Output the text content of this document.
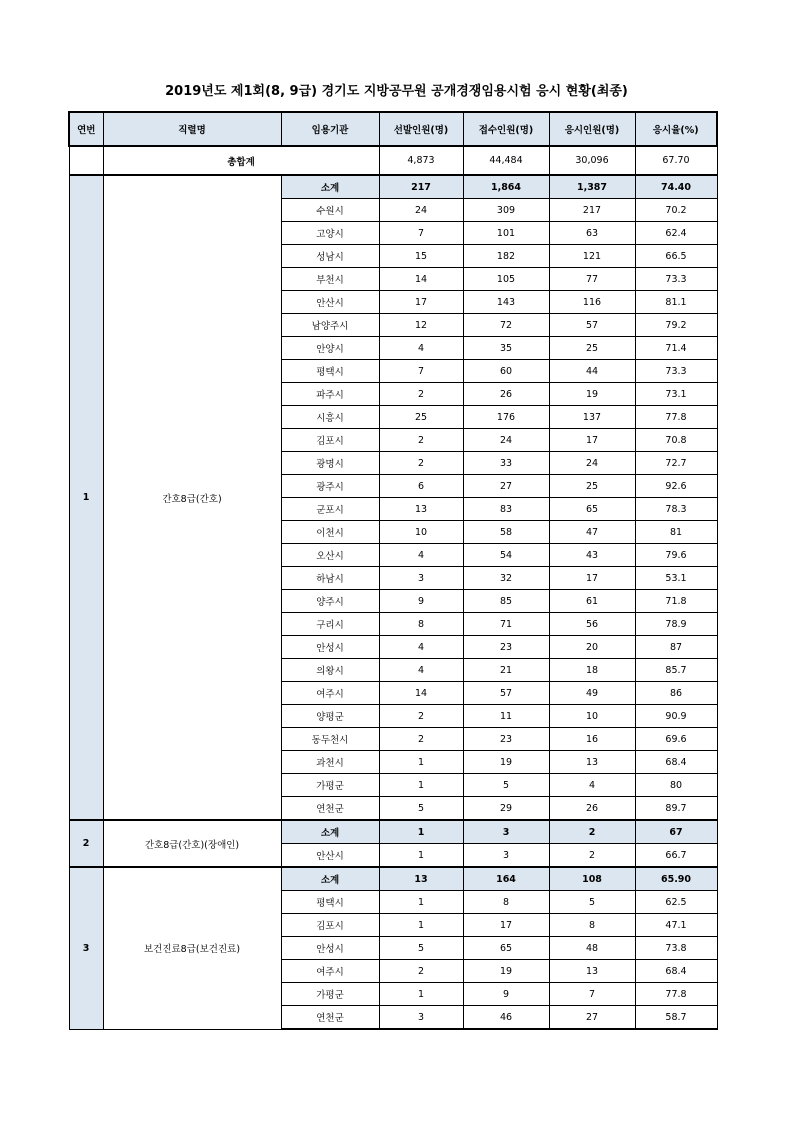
2019년도 제1회(8, 9급) 경기도 지방공무원 공개경쟁임용시험 응시 현황(최종)
연번	직렬명	임용기관	선발인원(명)	접수인원(명)	응시인원(명)	응시율(%)
	총합계		4,873	44,484	30,096	67.70
1	간호8급(간호)	소계	217	1,864	1,387	74.40
		수원시	24	309	217	70.2
		고양시	7	101	63	62.4
		성남시	15	182	121	66.5
		부천시	14	105	77	73.3
		안산시	17	143	116	81.1
		남양주시	12	72	57	79.2
		안양시	4	35	25	71.4
		평택시	7	60	44	73.3
		파주시	2	26	19	73.1
		시흥시	25	176	137	77.8
		김포시	2	24	17	70.8
		광명시	2	33	24	72.7
		광주시	6	27	25	92.6
		군포시	13	83	65	78.3
		이천시	10	58	47	81
		오산시	4	54	43	79.6
		하남시	3	32	17	53.1
		양주시	9	85	61	71.8
		구리시	8	71	56	78.9
		안성시	4	23	20	87
		의왕시	4	21	18	85.7
		여주시	14	57	49	86
		양평군	2	11	10	90.9
		동두천시	2	23	16	69.6
		과천시	1	19	13	68.4
		가평군	1	5	4	80
		연천군	5	29	26	89.7
2	간호8급(간호)(장애인)	소계	1	3	2	67
		안산시	1	3	2	66.7
3	보건진료8급(보건진료)	소계	13	164	108	65.90
		평택시	1	8	5	62.5
		김포시	1	17	8	47.1
		안성시	5	65	48	73.8
		여주시	2	19	13	68.4
		가평군	1	9	7	77.8
		연천군	3	46	27	58.7
